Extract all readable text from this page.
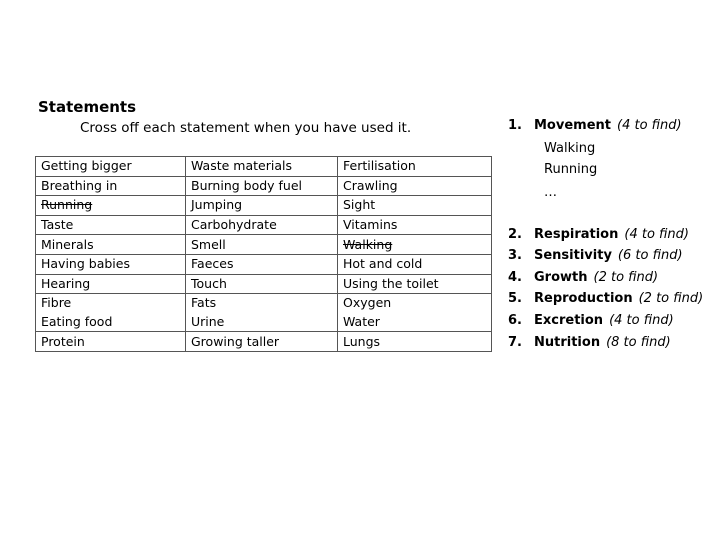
Statements
Cross off each statement when you have used it.
Getting bigger	Waste materials	Fertilisation
Breathing in	Burning body fuel	Crawling
Running	Jumping	Sight
Taste	Carbohydrate	Vitamins
Minerals	Smell	Walking
Having babies	Faeces	Hot and cold
Hearing	Touch	Using the toilet
Fibre	Fats	Oxygen
Eating food	Urine	Water
Protein	Growing taller	Lungs
1. Movement (4 to find)
Walking
Running
…
2. Respiration (4 to find)
3. Sensitivity (6 to find)
4. Growth (2 to find)
5. Reproduction (2 to find)
6. Excretion (4 to find)
7. Nutrition (8 to find)
